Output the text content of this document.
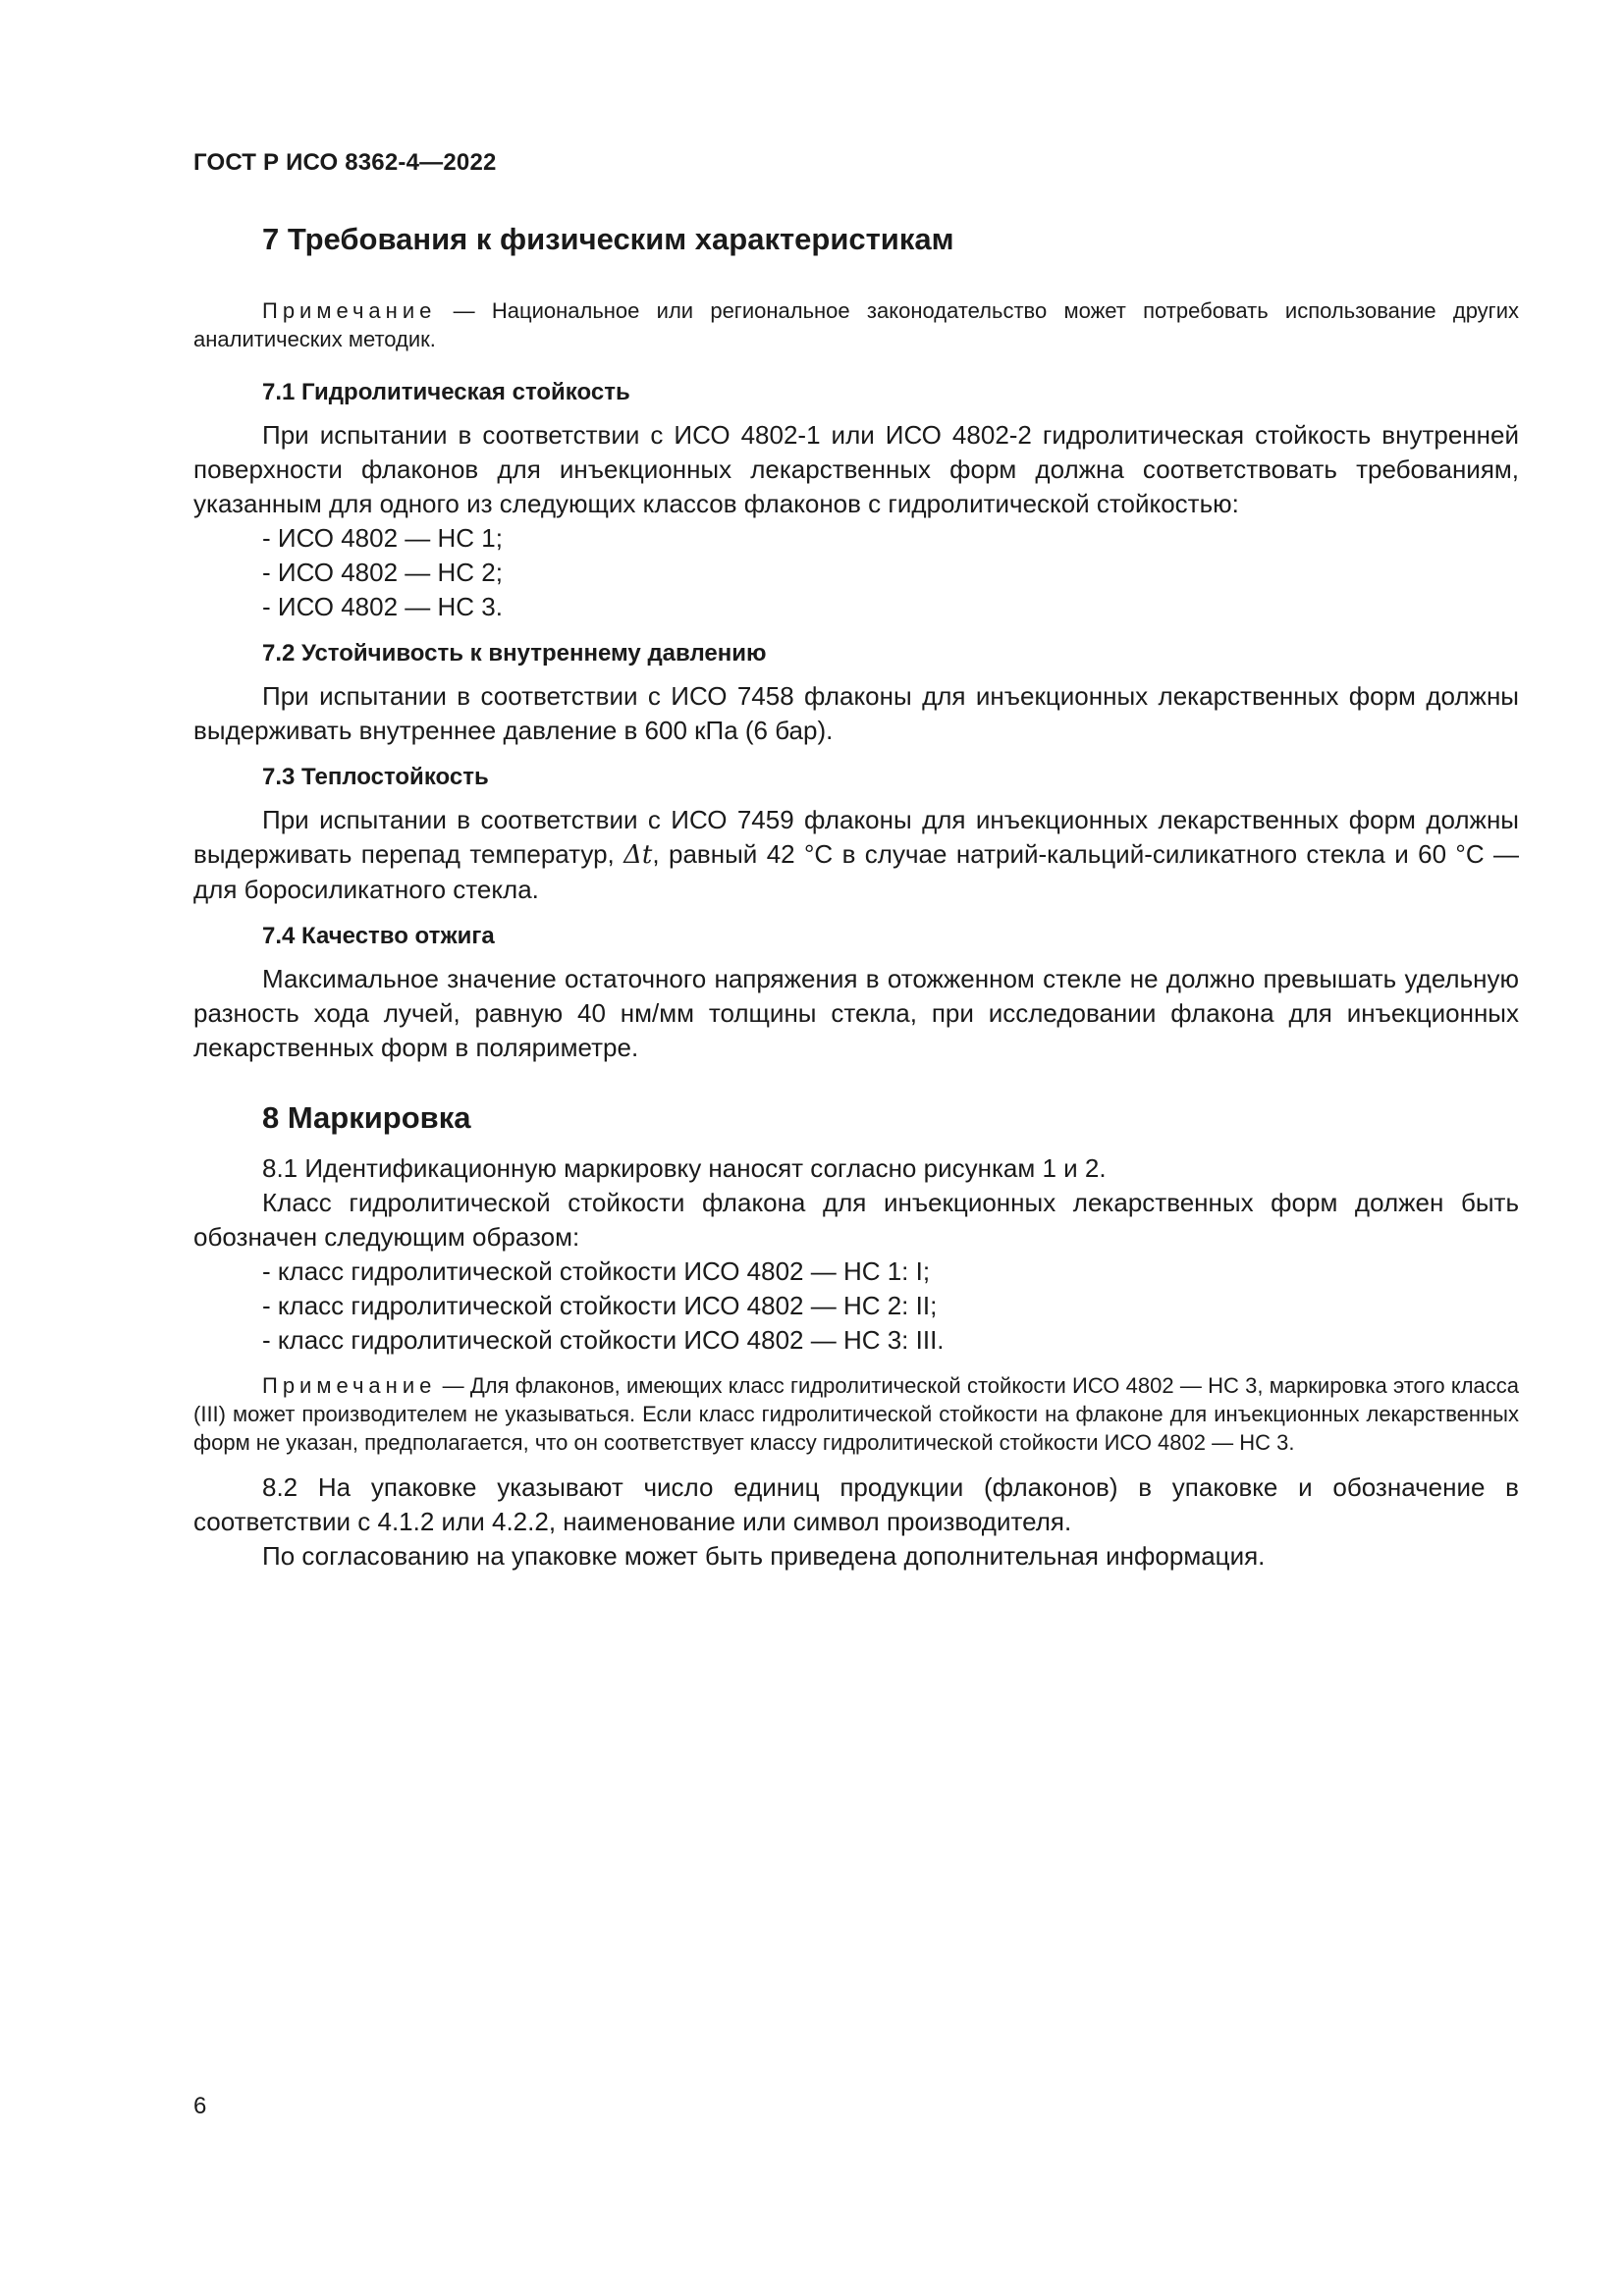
ГОСТ Р ИСО 8362-4—2022
7 Требования к физическим характеристикам

Примечание — Национальное или региональное законодательство может потребовать использование других аналитических методик.

7.1 Гидролитическая стойкость

При испытании в соответствии с ИСО 4802-1 или ИСО 4802-2 гидролитическая стойкость внутренней поверхности флаконов для инъекционных лекарственных форм должна соответствовать требованиям, указанным для одного из следующих классов флаконов с гидролитической стойкостью:

- ИСО 4802 — НС 1;
- ИСО 4802 — НС 2;
- ИСО 4802 — НС 3.
7.2 Устойчивость к внутреннему давлению

При испытании в соответствии с ИСО 7458 флаконы для инъекционных лекарственных форм должны выдерживать внутреннее давление в 600 кПа (6 бар).

7.3 Теплостойкость

При испытании в соответствии с ИСО 7459 флаконы для инъекционных лекарственных форм должны выдерживать перепад температур, Δt, равный 42 °С в случае натрий-кальций-силикатного стекла и 60 °С — для боросиликатного стекла.

7.4 Качество отжига

Максимальное значение остаточного напряжения в отожженном стекле не должно превышать удельную разность хода лучей, равную 40 нм/мм толщины стекла, при исследовании флакона для инъекционных лекарственных форм в поляриметре.

8 Маркировка

8.1 Идентификационную маркировку наносят согласно рисункам 1 и 2.

Класс гидролитической стойкости флакона для инъекционных лекарственных форм должен быть обозначен следующим образом:

- класс гидролитической стойкости ИСО 4802 — НС 1: I;
- класс гидролитической стойкости ИСО 4802 — НС 2: II;
- класс гидролитической стойкости ИСО 4802 — НС 3: III.

Примечание — Для флаконов, имеющих класс гидролитической стойкости ИСО 4802 — НС 3, маркировка этого класса (III) может производителем не указываться. Если класс гидролитической стойкости на флаконе для инъекционных лекарственных форм не указан, предполагается, что он соответствует классу гидролитической стойкости ИСО 4802 — НС 3.

8.2 На упаковке указывают число единиц продукции (флаконов) в упаковке и обозначение в соответствии с 4.1.2 или 4.2.2, наименование или символ производителя.

По согласованию на упаковке может быть приведена дополнительная информация.

6
